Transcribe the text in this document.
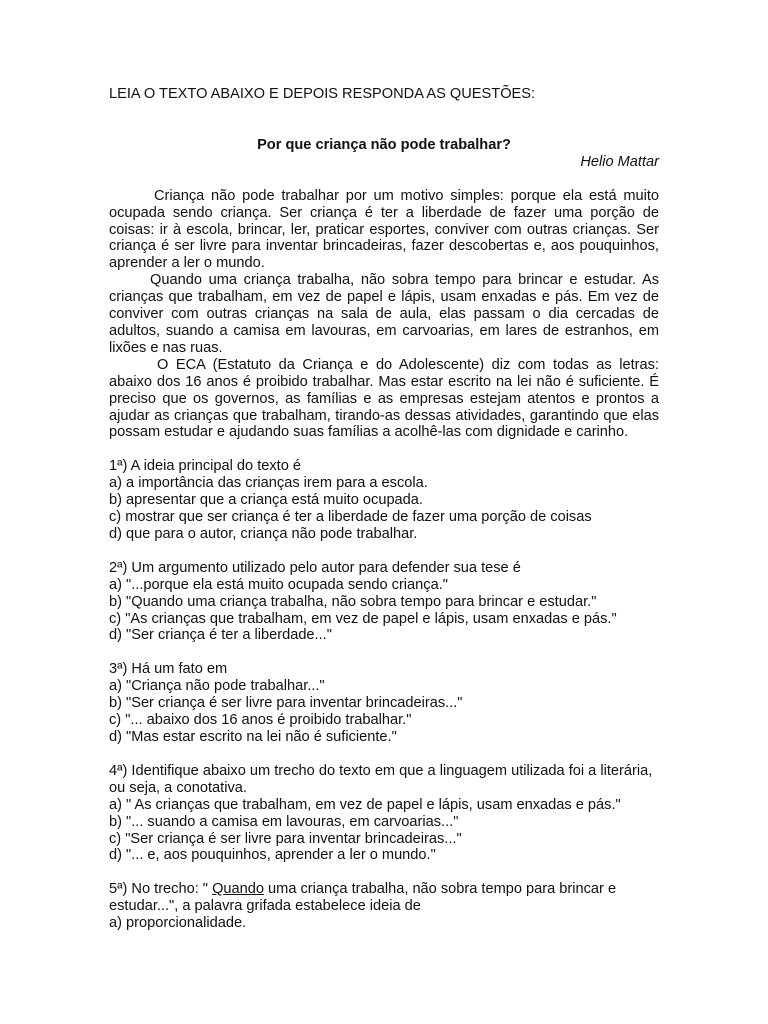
LEIA O TEXTO ABAIXO E DEPOIS RESPONDA AS QUESTÕES:

Por que criança não pode trabalhar?

Helio Mattar

Criança não pode trabalhar por um motivo simples: porque ela está muito ocupada sendo criança. Ser criança é ter a liberdade de fazer uma porção de coisas: ir à escola, brincar, ler, praticar esportes, conviver com outras crianças. Ser criança é ser livre para inventar brincadeiras, fazer descobertas e, aos pouquinhos, aprender a ler o mundo.

Quando uma criança trabalha, não sobra tempo para brincar e estudar. As crianças que trabalham, em vez de papel e lápis, usam enxadas e pás. Em vez de conviver com outras crianças na sala de aula, elas passam o dia cercadas de adultos, suando a camisa em lavouras, em carvoarias, em lares de estranhos, em lixões e nas ruas.

O ECA (Estatuto da Criança e do Adolescente) diz com todas as letras: abaixo dos 16 anos é proibido trabalhar. Mas estar escrito na lei não é suficiente. É preciso que os governos, as famílias e as empresas estejam atentos e prontos a ajudar as crianças que trabalham, tirando-as dessas atividades, garantindo que elas possam estudar e ajudando suas famílias a acolhê-las com dignidade e carinho.

1ª) A ideia principal do texto é

a) a importância das crianças irem para a escola.
b) apresentar que a criança está muito ocupada.
c) mostrar que ser criança é ter a liberdade de fazer uma porção de coisas
d) que para o autor, criança não pode trabalhar.

2ª) Um argumento utilizado pelo autor para defender sua tese é

a) "...porque ela está muito ocupada sendo criança."
b) "Quando uma criança trabalha, não sobra tempo para brincar e estudar."
c) "As crianças que trabalham, em vez de papel e lápis, usam enxadas e pás."
d) "Ser criança é ter a liberdade..."

3ª) Há um fato em

a) "Criança não pode trabalhar..."
b) "Ser criança é ser livre para inventar brincadeiras..."
c) "... abaixo dos 16 anos é proibido trabalhar."
d) "Mas estar escrito na lei não é suficiente."

4ª) Identifique abaixo um trecho do texto em que a linguagem utilizada foi a literária, ou seja, a conotativa.

a) " As crianças que trabalham, em vez de papel e lápis, usam enxadas e pás."
b) "... suando a camisa em lavouras, em carvoarias..."
c) "Ser criança é ser livre para inventar brincadeiras..."
d) "... e, aos pouquinhos, aprender a ler o mundo."

5ª) No trecho: " Quando uma criança trabalha, não sobra tempo para brincar e estudar...", a palavra grifada estabelece ideia de

a) proporcionalidade.
